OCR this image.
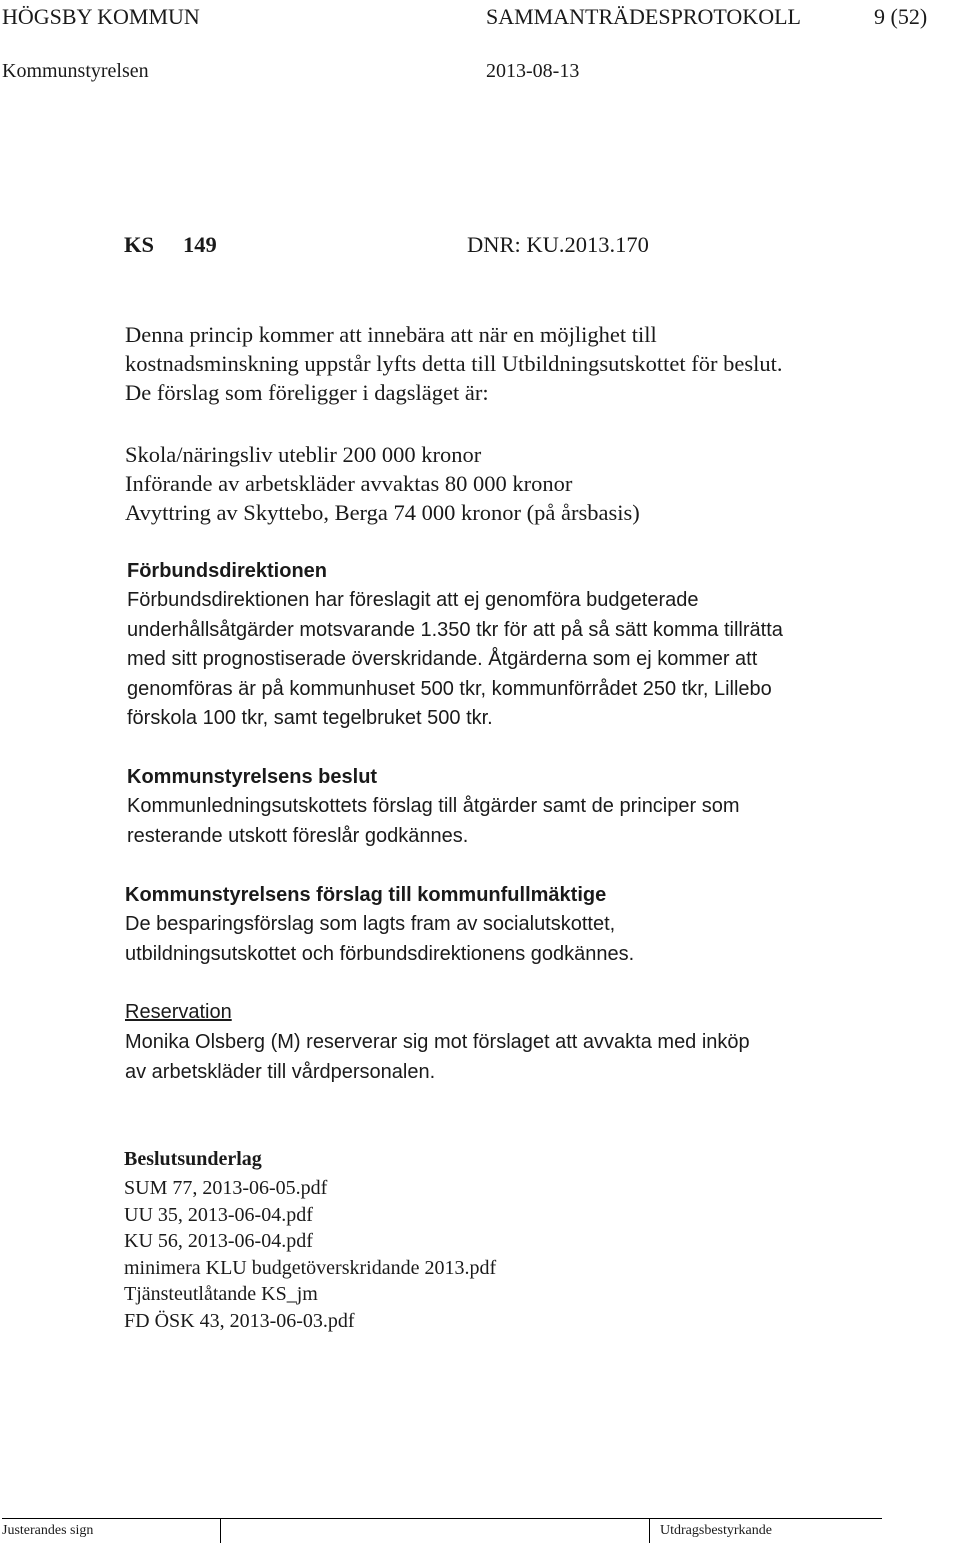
HÖGSBY KOMMUN	SAMMANTRÄDESPROTOKOLL	9 (52)
Kommunstyrelsen	2013-08-13
KS 149	DNR: KU.2013.170
Denna princip kommer att innebära att när en möjlighet till
kostnadsminskning uppstår lyfts detta till Utbildningsutskottet för beslut.
De förslag som föreligger i dagsläget är:
Skola/näringsliv uteblir 200 000 kronor
Införande av arbetskläder avvaktas 80 000 kronor
Avyttring av Skyttebo, Berga 74 000 kronor (på årsbasis)
Förbundsdirektionen
Förbundsdirektionen har föreslagit att ej genomföra budgeterade
underhållsåtgärder motsvarande 1.350 tkr för att på så sätt komma tillrätta
med sitt prognostiserade överskridande. Åtgärderna som ej kommer att
genomföras är på kommunhuset 500 tkr, kommunförrådet 250 tkr, Lillebo
förskola 100 tkr, samt tegelbruket 500 tkr.
Kommunstyrelsens beslut
Kommunledningsutskottets förslag till åtgärder samt de principer som
resterande utskott föreslår godkännes.
Kommunstyrelsens förslag till kommunfullmäktige
De besparingsförslag som lagts fram av socialutskottet,
utbildningsutskottet och förbundsdirektionens godkännes.
Reservation
Monika Olsberg (M) reserverar sig mot förslaget att avvakta med inköp
av arbetskläder till vårdpersonalen.
Beslutsunderlag
SUM 77, 2013-06-05.pdf
UU 35, 2013-06-04.pdf
KU 56, 2013-06-04.pdf
minimera KLU budgetöverskridande 2013.pdf
Tjänsteutlåtande KS_jm
FD ÖSK 43, 2013-06-03.pdf
Justerandes sign	Utdragsbestyrkande
